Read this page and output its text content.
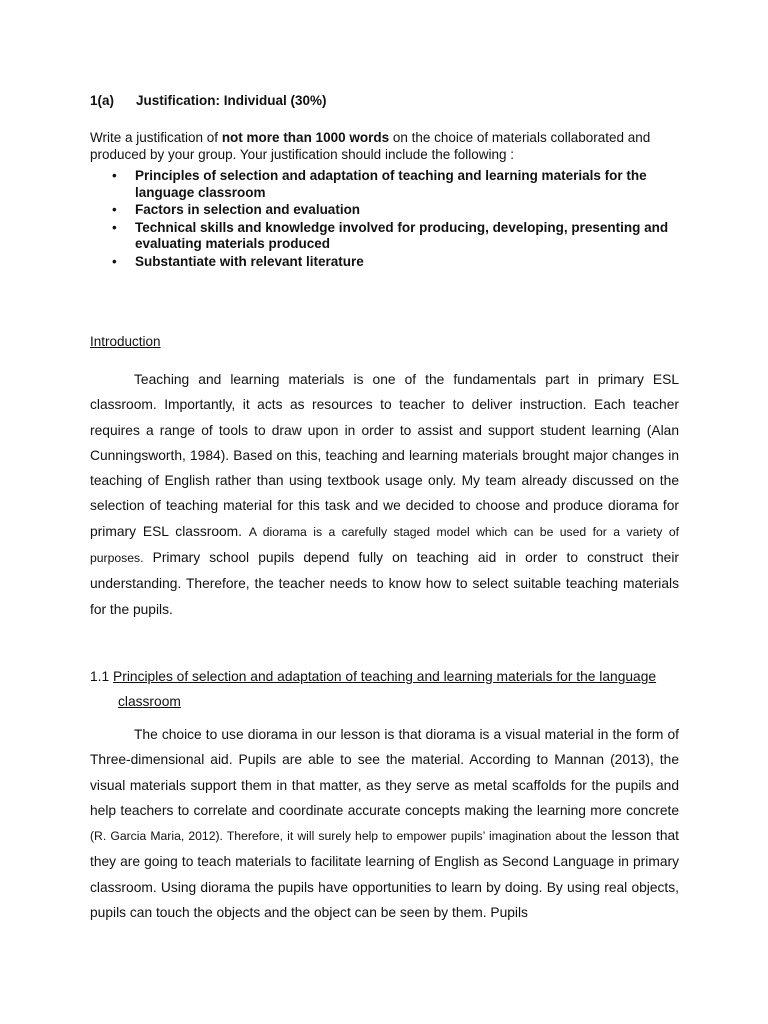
1(a) Justification: Individual (30%)
Write a justification of not more than 1000 words on the choice of materials collaborated and produced by your group. Your justification should include the following :
• Principles of selection and adaptation of teaching and learning materials for the language classroom
• Factors in selection and evaluation
• Technical skills and knowledge involved for producing, developing, presenting and evaluating materials produced
• Substantiate with relevant literature
Introduction

Teaching and learning materials is one of the fundamentals part in primary ESL classroom. Importantly, it acts as resources to teacher to deliver instruction. Each teacher requires a range of tools to draw upon in order to assist and support student learning (Alan Cunningsworth, 1984). Based on this, teaching and learning materials brought major changes in teaching of English rather than using textbook usage only. My team already discussed on the selection of teaching material for this task and we decided to choose and produce diorama for primary ESL classroom. A diorama is a carefully staged model which can be used for a variety of purposes. Primary school pupils depend fully on teaching aid in order to construct their understanding. Therefore, the teacher needs to know how to select suitable teaching materials for the pupils.

1.1 Principles of selection and adaptation of teaching and learning materials for the language
classroom

The choice to use diorama in our lesson is that diorama is a visual material in the form of Three-dimensional aid. Pupils are able to see the material. According to Mannan (2013), the visual materials support them in that matter, as they serve as metal scaffolds for the pupils and help teachers to correlate and coordinate accurate concepts making the learning more concrete (R. Garcia Maria, 2012). Therefore, it will surely help to empower pupils’ imagination about the lesson that they are going to teach materials to facilitate learning of English as Second Language in primary classroom. Using diorama the pupils have opportunities to learn by doing. By using real objects, pupils can touch the objects and the object can be seen by them. Pupils
